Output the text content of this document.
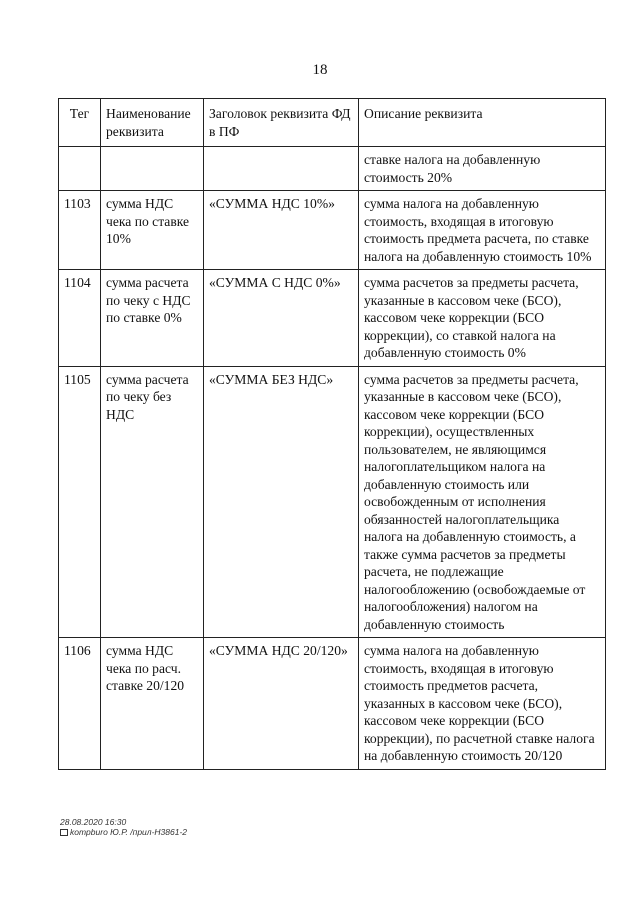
18
Тег	Наименование реквизита	Заголовок реквизита ФД в ПФ	Описание реквизита
			ставке налога на добавленную стоимость 20%
1103	сумма НДС чека по ставке 10%	«СУММА НДС 10%»	сумма налога на добавленную стоимость, входящая в итоговую стоимость предмета расчета, по ставке налога на добавленную стоимость 10%
1104	сумма расчета по чеку с НДС по ставке 0%	«СУММА С НДС 0%»	сумма расчетов за предметы расчета, указанные в кассовом чеке (БСО), кассовом чеке коррекции (БСО коррекции), со ставкой налога на добавленную стоимость 0%
1105	сумма расчета по чеку без НДС	«СУММА БЕЗ НДС»	сумма расчетов за предметы расчета, указанные в кассовом чеке (БСО), кассовом чеке коррекции (БСО коррекции), осуществленных пользователем, не являющимся налогоплательщиком налога на добавленную стоимость или освобожденным от исполнения обязанностей налогоплательщика налога на добавленную стоимость, а также сумма расчетов за предметы расчета, не подлежащие налогообложению (освобождаемые от налогообложения) налогом на добавленную стоимость
1106	сумма НДС чека по расч. ставке 20/120	«СУММА НДС 20/120»	сумма налога на добавленную стоимость, входящая в итоговую стоимость предметов расчета, указанных в кассовом чеке (БСО), кассовом чеке коррекции (БСО коррекции), по расчетной ставке налога на добавленную стоимость 20/120
28.08.2020 16:30
kompburo Ю.Р. /прил-Н3861-2
